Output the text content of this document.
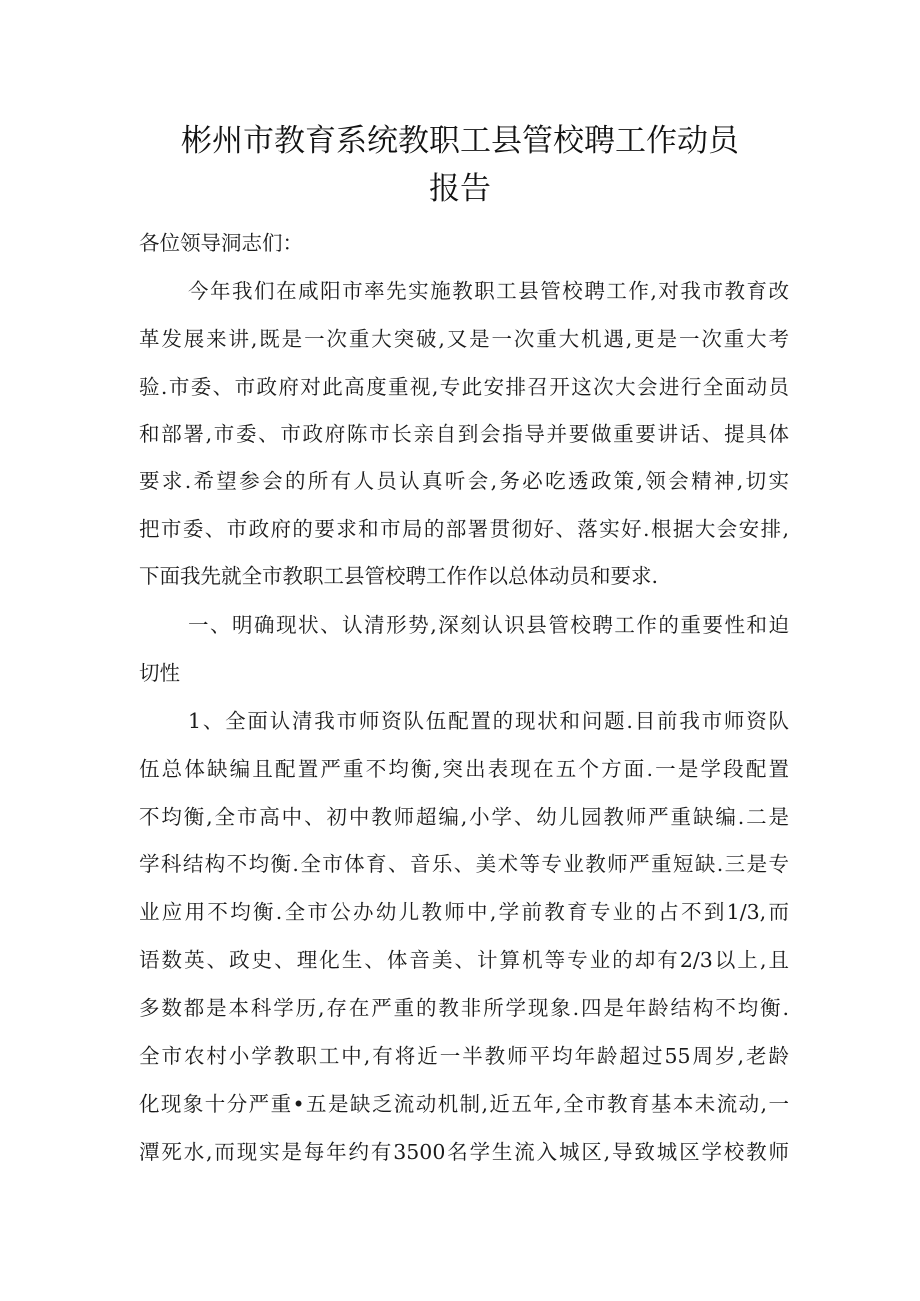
彬州市教育系统教职工县管校聘工作动员
报告
各位领导洞志们：
今年我们在咸阳市率先实施教职工县管校聘工作,对我市教育改
革发展来讲,既是一次重大突破,又是一次重大机遇,更是一次重大考
验.市委、市政府对此高度重视,专此安排召开这次大会进行全面动员
和部署,市委、市政府陈市长亲自到会指导并要做重要讲话、提具体
要求.希望参会的所有人员认真听会,务必吃透政策,领会精神,切实
把市委、市政府的要求和市局的部署贯彻好、落实好.根据大会安排,
下面我先就全市教职工县管校聘工作作以总体动员和要求.
一、明确现状、认清形势,深刻认识县管校聘工作的重要性和迫
切性
1、全面认清我市师资队伍配置的现状和问题.目前我市师资队
伍总体缺编且配置严重不均衡,突出表现在五个方面.一是学段配置
不均衡,全市高中、初中教师超编,小学、幼儿园教师严重缺编.二是
学科结构不均衡.全市体育、音乐、美术等专业教师严重短缺.三是专
业应用不均衡.全市公办幼儿教师中,学前教育专业的占不到1/3,而
语数英、政史、理化生、体音美、计算机等专业的却有2/3以上,且
多数都是本科学历,存在严重的教非所学现象.四是年龄结构不均衡.
全市农村小学教职工中,有将近一半教师平均年龄超过55周岁,老龄
化现象十分严重•五是缺乏流动机制,近五年,全市教育基本未流动,一
潭死水,而现实是每年约有3500名学生流入城区,导致城区学校教师
